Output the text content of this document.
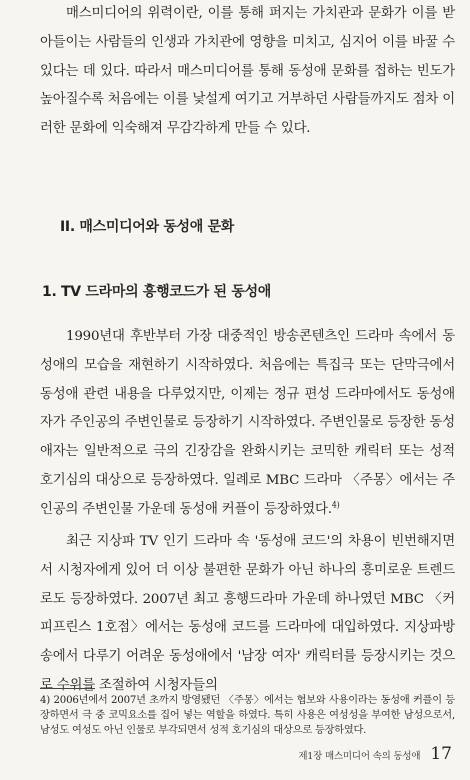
매스미디어의 위력이란, 이를 통해 퍼지는 가치관과 문화가 이를 받아들이는 사람들의 인생과 가치관에 영향을 미치고, 심지어 이를 바꿀 수 있다는 데 있다. 따라서 매스미디어를 통해 동성애 문화를 접하는 빈도가 높아질수록 처음에는 이를 낯설게 여기고 거부하던 사람들까지도 점차 이러한 문화에 익숙해져 무감각하게 만들 수 있다.

II. 매스미디어와 동성애 문화
1. TV 드라마의 흥행코드가 된 동성애

1990년대 후반부터 가장 대중적인 방송콘텐츠인 드라마 속에서 동성애의 모습을 재현하기 시작하였다. 처음에는 특집극 또는 단막극에서 동성애 관련 내용을 다루었지만, 이제는 정규 편성 드라마에서도 동성애자가 주인공의 주변인물로 등장하기 시작하였다. 주변인물로 등장한 동성애자는 일반적으로 극의 긴장감을 완화시키는 코믹한 캐릭터 또는 성적 호기심의 대상으로 등장하였다. 일례로 MBC 드라마 〈주몽〉에서는 주인공의 주변인물 가운데 동성애 커플이 등장하였다.$^{4)}$

최근 지상파 TV 인기 드라마 속 '동성애 코드'의 차용이 빈번해지면서 시청자에게 있어 더 이상 불편한 문화가 아닌 하나의 흥미로운 트렌드로도 등장하였다. 2007년 최고 흥행드라마 가운데 하나였던 MBC 〈커피프린스 1호점〉에서는 동성애 코드를 드라마에 대입하였다. 지상파방송에서 다루기 어려운 동성애에서 '남장 여자' 캐릭터를 등장시키는 것으로 수위를 조절하여 시청자들의

4) 2006년에서 2007년 초까지 방영됐던 〈주몽〉에서는 협보와 사용이라는 동성애 커플이 등장하면서 극 중 코믹요소를 집어 넣는 역할을 하였다. 특히 사용은 여성성을 부여한 남성으로서, 남성도 여성도 아닌 인물로 부각되면서 성적 호기심의 대상으로 등장하였다.

제1장 매스미디어 속의 동성애 17
